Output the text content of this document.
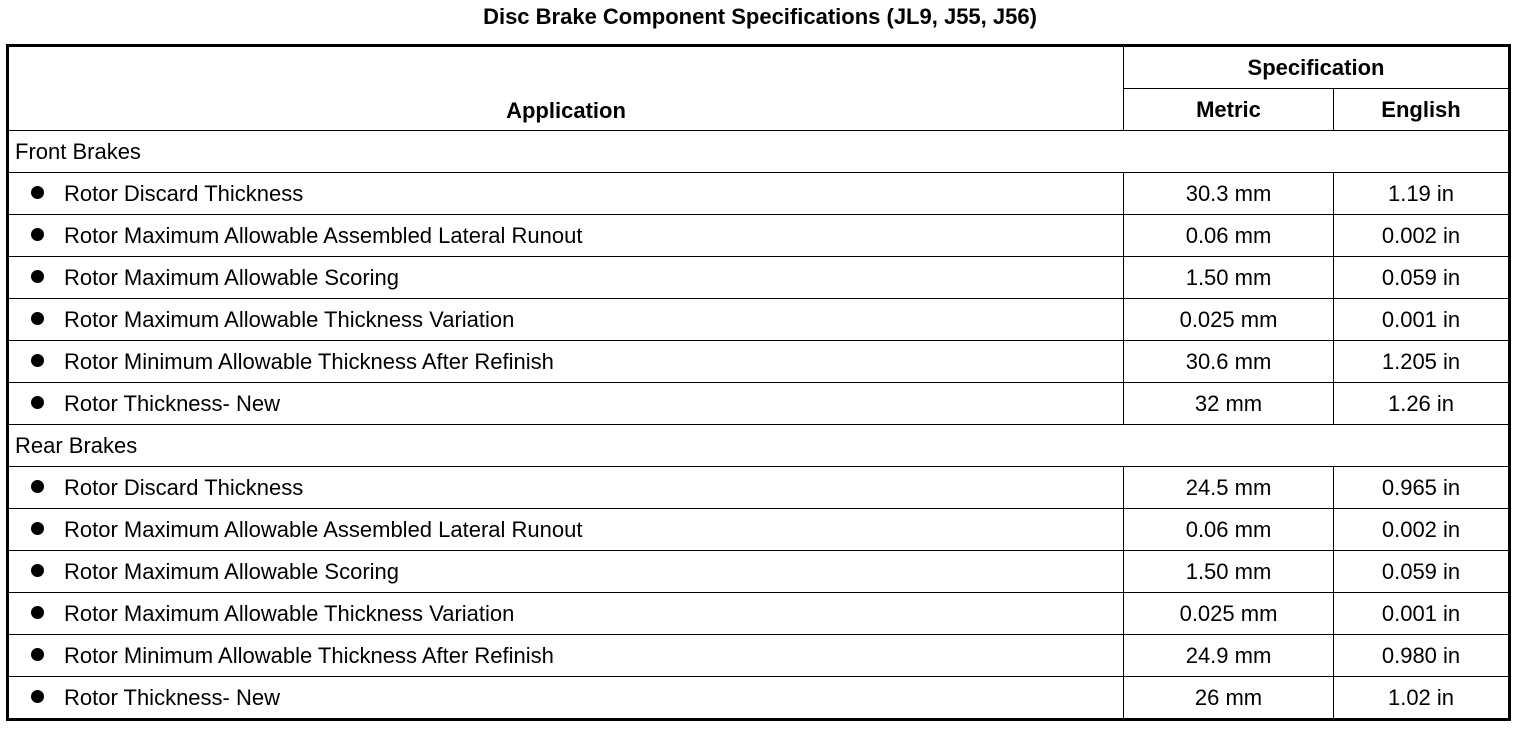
Disc Brake Component Specifications (JL9, J55, J56)
Application	Specification	
	Metric	English
Front Brakes		
Rotor Discard Thickness	30.3 mm	1.19 in
Rotor Maximum Allowable Assembled Lateral Runout	0.06 mm	0.002 in
Rotor Maximum Allowable Scoring	1.50 mm	0.059 in
Rotor Maximum Allowable Thickness Variation	0.025 mm	0.001 in
Rotor Minimum Allowable Thickness After Refinish	30.6 mm	1.205 in
Rotor Thickness- New	32 mm	1.26 in
Rear Brakes		
Rotor Discard Thickness	24.5 mm	0.965 in
Rotor Maximum Allowable Assembled Lateral Runout	0.06 mm	0.002 in
Rotor Maximum Allowable Scoring	1.50 mm	0.059 in
Rotor Maximum Allowable Thickness Variation	0.025 mm	0.001 in
Rotor Minimum Allowable Thickness After Refinish	24.9 mm	0.980 in
Rotor Thickness- New	26 mm	1.02 in
